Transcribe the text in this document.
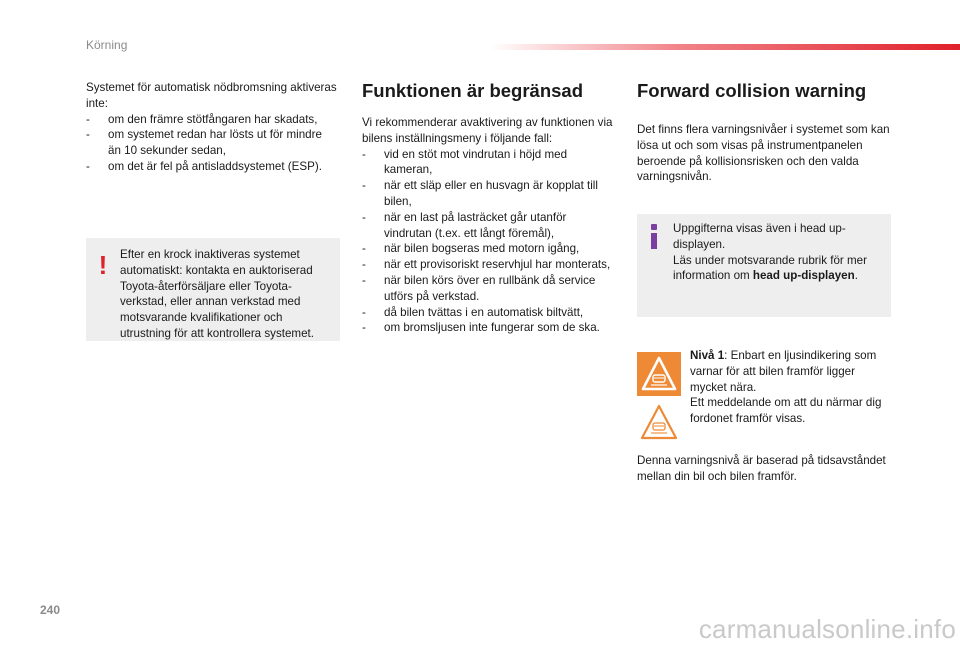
Körning

Systemet för automatisk nödbromsning aktiveras inte:

- om den främre stötfångaren har skadats,
- om systemet redan har lösts ut för mindre än 10 sekunder sedan,
- om det är fel på antisladdsystemet (ESP).
! Efter en krock inaktiveras systemet automatiskt: kontakta en auktoriserad Toyota-återförsäljare eller Toyota-verkstad, eller annan verkstad med motsvarande kvalifikationer och utrustning för att kontrollera systemet.
Funktionen är begränsad

Vi rekommenderar avaktivering av funktionen via bilens inställningsmeny i följande fall:

- vid en stöt mot vindrutan i höjd med kameran,
- när ett släp eller en husvagn är kopplat till bilen,
- när en last på lasträcket går utanför vindrutan (t.ex. ett långt föremål),
- när bilen bogseras med motorn igång,
- när ett provisoriskt reservhjul har monterats,
- när bilen körs över en rullbänk då service utförs på verkstad.
- då bilen tvättas i en automatisk biltvätt,
- om bromsljusen inte fungerar som de ska.
Forward collision warning

Det finns flera varningsnivåer i systemet som kan lösa ut och som visas på instrumentpanelen beroende på kollisionsrisken och den valda varningsnivån.

Uppgifterna visas även i head up-displayen.
Läs under motsvarande rubrik för mer information om head up-displayen.
Nivå 1: Enbart en ljusindikering som varnar för att bilen framför ligger mycket nära.
Ett meddelande om att du närmar dig fordonet framför visas.
Denna varningsnivå är baserad på tidsavståndet mellan din bil och bilen framför.
240
carmanualsonline.info
